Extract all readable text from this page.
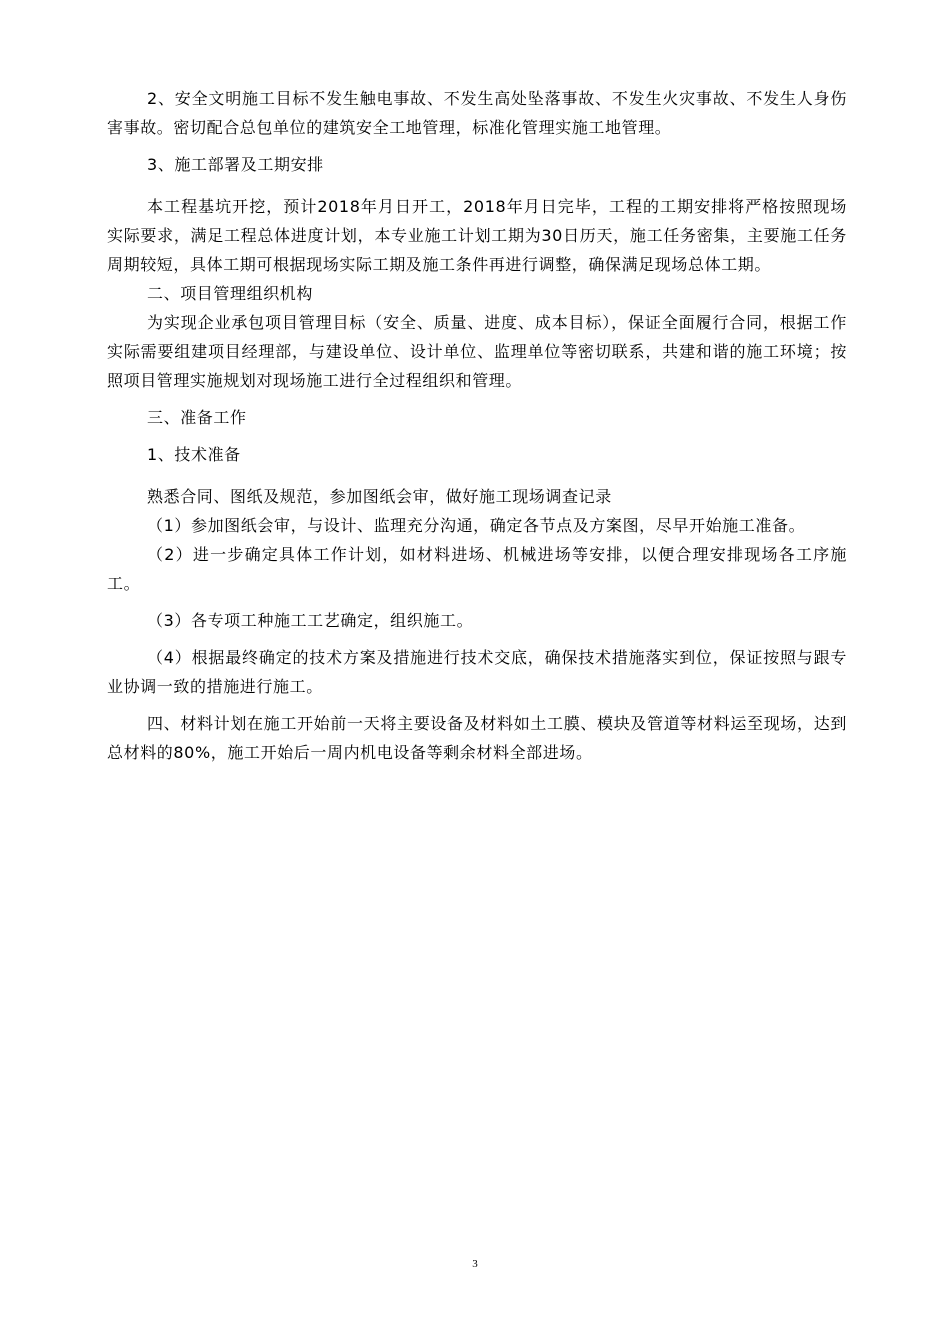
2、安全文明施工目标不发生触电事故、不发生高处坠落事故、不发生火灾事故、不发生人身伤害事故。密切配合总包单位的建筑安全工地管理，标准化管理实施工地管理。

3、施工部署及工期安排

本工程基坑开挖，预计2018年月日开工，2018年月日完毕，工程的工期安排将严格按照现场实际要求，满足工程总体进度计划，本专业施工计划工期为30日历天，施工任务密集，主要施工任务周期较短，具体工期可根据现场实际工期及施工条件再进行调整，确保满足现场总体工期。

二、项目管理组织机构

为实现企业承包项目管理目标（安全、质量、进度、成本目标），保证全面履行合同，根据工作实际需要组建项目经理部，与建设单位、设计单位、监理单位等密切联系，共建和谐的施工环境；按照项目管理实施规划对现场施工进行全过程组织和管理。

三、准备工作

1、技术准备

熟悉合同、图纸及规范，参加图纸会审，做好施工现场调查记录

（1）参加图纸会审，与设计、监理充分沟通，确定各节点及方案图，尽早开始施工准备。

（2）进一步确定具体工作计划，如材料进场、机械进场等安排，以便合理安排现场各工序施工。

（3）各专项工种施工工艺确定，组织施工。

（4）根据最终确定的技术方案及措施进行技术交底，确保技术措施落实到位，保证按照与跟专业协调一致的措施进行施工。

四、材料计划在施工开始前一天将主要设备及材料如土工膜、模块及管道等材料运至现场，达到总材料的80%，施工开始后一周内机电设备等剩余材料全部进场。

3
